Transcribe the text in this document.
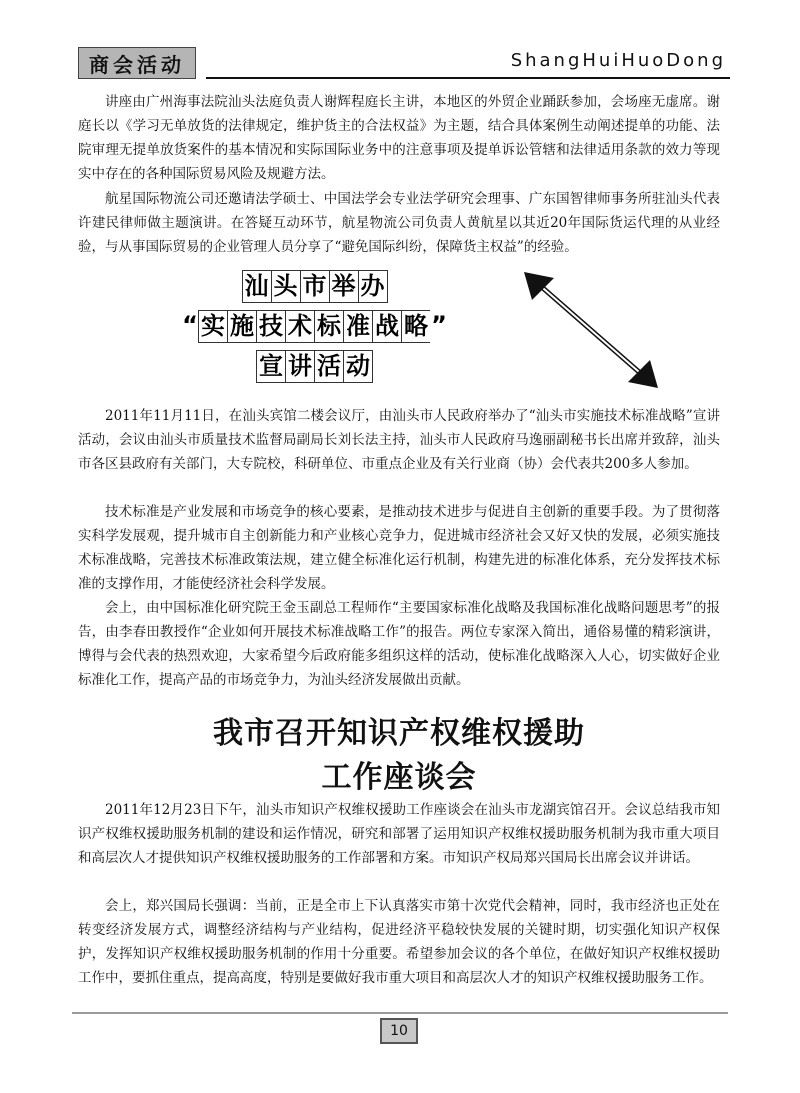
商会活动	ShangHuiHuoDong

讲座由广州海事法院汕头法庭负责人谢辉程庭长主讲，本地区的外贸企业踊跃参加，会场座无虚席。谢庭长以《学习无单放货的法律规定，维护货主的合法权益》为主题，结合具体案例生动阐述提单的功能、法院审理无提单放货案件的基本情况和实际国际业务中的注意事项及提单诉讼管辖和法律适用条款的效力等现实中存在的各种国际贸易风险及规避方法。

航星国际物流公司还邀请法学硕士、中国法学会专业法学研究会理事、广东国智律师事务所驻汕头代表许建民律师做主题演讲。在答疑互动环节，航星物流公司负责人黄航星以其近20年国际货运代理的从业经验，与从事国际贸易的企业管理人员分享了“避免国际纠纷，保障货主权益”的经验。

汕 头 市 举 办
“ 实 施 技 术 标 准 战 略 ”
宣 讲 活 动

2011年11月11日，在汕头宾馆二楼会议厅，由汕头市人民政府举办了“汕头市实施技术标准战略”宣讲活动，会议由汕头市质量技术监督局副局长刘长法主持，汕头市人民政府马逸丽副秘书长出席并致辞，汕头市各区县政府有关部门，大专院校，科研单位、市重点企业及有关行业商（协）会代表共200多人参加。

技术标准是产业发展和市场竞争的核心要素，是推动技术进步与促进自主创新的重要手段。为了贯彻落实科学发展观，提升城市自主创新能力和产业核心竞争力，促进城市经济社会又好又快的发展，必须实施技术标准战略，完善技术标准政策法规，建立健全标准化运行机制，构建先进的标准化体系，充分发挥技术标准的支撑作用，才能使经济社会科学发展。

会上，由中国标准化研究院王金玉副总工程师作“主要国家标准化战略及我国标准化战略问题思考”的报告，由李春田教授作“企业如何开展技术标准战略工作”的报告。两位专家深入简出，通俗易懂的精彩演讲，博得与会代表的热烈欢迎，大家希望今后政府能多组织这样的活动，使标准化战略深入人心，切实做好企业标准化工作，提高产品的市场竞争力，为汕头经济发展做出贡献。

我市召开知识产权维权援助
工作座谈会

2011年12月23日下午，汕头市知识产权维权援助工作座谈会在汕头市龙湖宾馆召开。会议总结我市知识产权维权援助服务机制的建设和运作情况，研究和部署了运用知识产权维权援助服务机制为我市重大项目和高层次人才提供知识产权维权援助服务的工作部署和方案。市知识产权局郑兴国局长出席会议并讲话。

会上，郑兴国局长强调：当前，正是全市上下认真落实市第十次党代会精神，同时，我市经济也正处在转变经济发展方式，调整经济结构与产业结构，促进经济平稳较快发展的关键时期，切实强化知识产权保护，发挥知识产权维权援助服务机制的作用十分重要。希望参加会议的各个单位，在做好知识产权维权援助工作中，要抓住重点，提高高度，特别是要做好我市重大项目和高层次人才的知识产权维权援助服务工作。

10
